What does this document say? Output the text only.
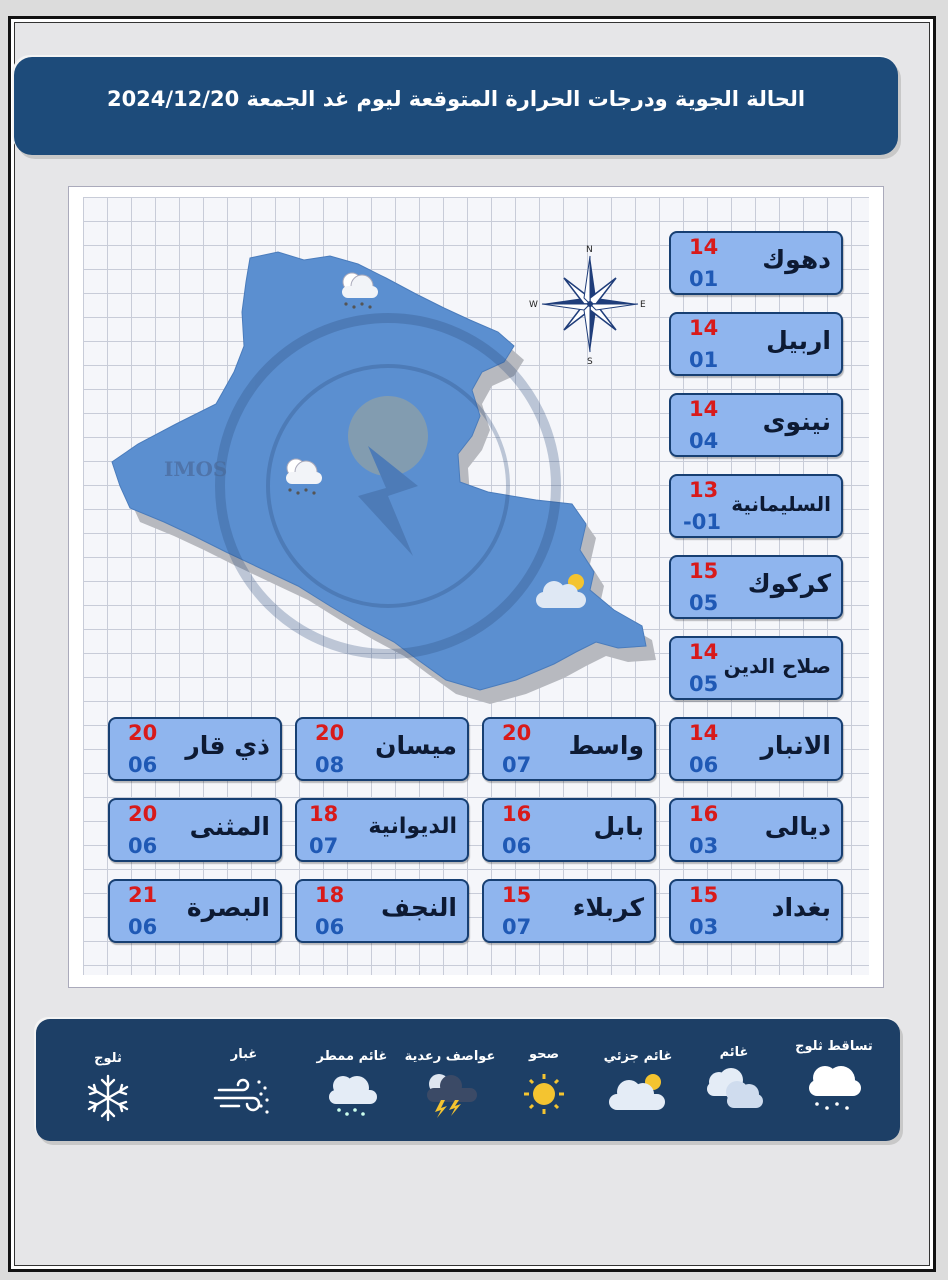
الحالة الجوية ودرجات الحرارة المتوقعة ليوم غد الجمعة 2024/12/20
IMOS
N
S
E
W
دهوك
14
01
اربيل
14
01
نينوى
14
04
السليمانية
13
-01
كركوك
15
05
صلاح الدين
14
05
الانبار
14
06
واسط
20
07
ميسان
20
08
ذي قار
20
06
ديالى
16
03
بابل
16
06
الديوانية
18
07
المثنى
20
06
بغداد
15
03
كربلاء
15
07
النجف
18
06
البصرة
21
06
تساقط ثلوج
غائم
غائم جزئي
صحو
عواصف رعدية
غائم ممطر
غبار
ثلوج
